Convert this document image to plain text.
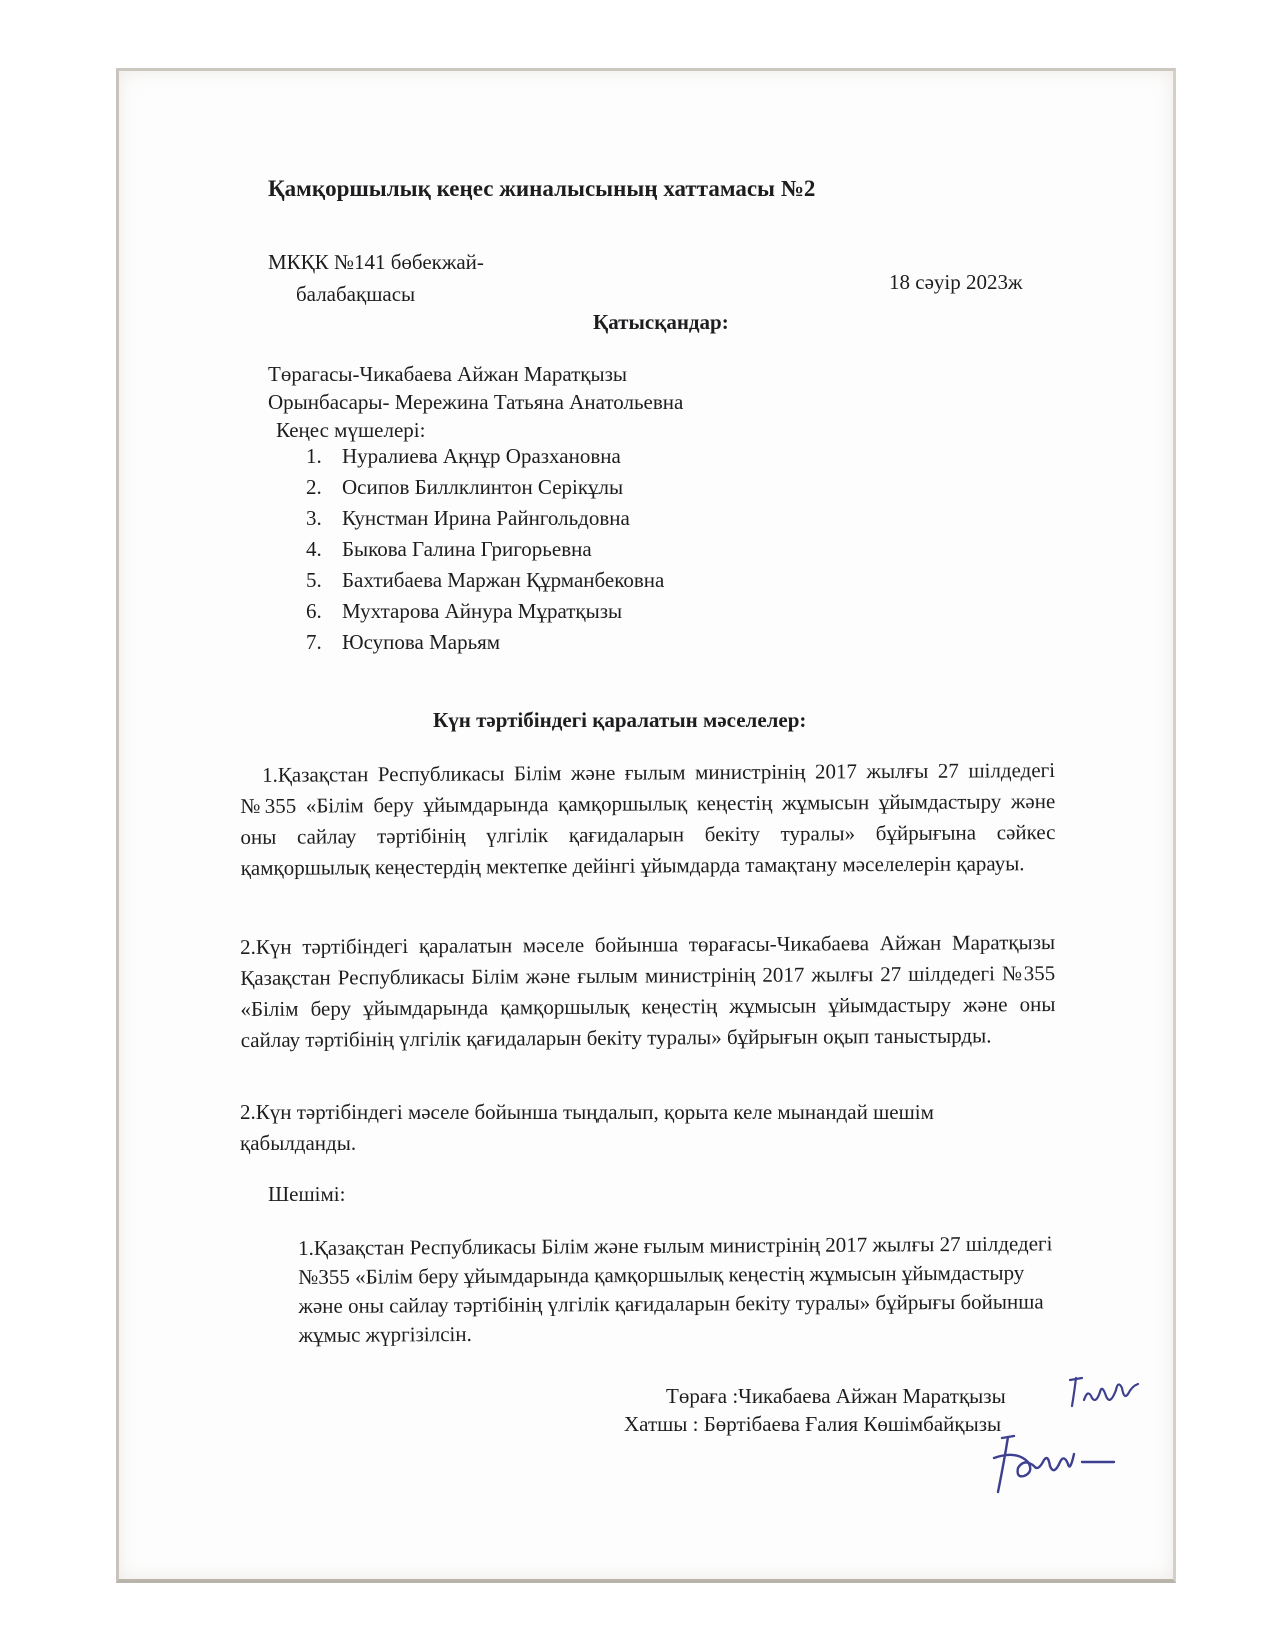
Қамқоршылық кеңес жиналысының хаттамасы №2
МКҚК №141 бөбекжай-
балабақшасы	18 сәуір 2023ж
Қатысқандар:
Төрагасы-Чикабаева Айжан Маратқызы
Орынбасары- Мережина Татьяна Анатольевна
Кеңес мүшелері:
1. Нуралиева Ақнұр Оразхановна
2. Осипов Биллклинтон Серікұлы
3. Кунстман Ирина Райнгольдовна
4. Быкова Галина Григорьевна
5. Бахтибаева Маржан Құрманбековна
6. Мухтарова Айнура Мұратқызы
7. Юсупова Марьям
Күн тәртібіндегі қаралатын мәселелер:
1.Қазақстан Республикасы Білім және ғылым министрінің 2017 жылғы 27 шілдедегі №355 «Білім беру ұйымдарында қамқоршылық кеңестің жұмысын ұйымдастыру және оны сайлау тәртібінің үлгілік қағидаларын бекіту туралы» бұйрығына сәйкес қамқоршылық кеңестердің мектепке дейінгі ұйымдарда тамақтану мәселелерін қарауы.
2.Күн тәртібіндегі қаралатын мәселе бойынша төрағасы-Чикабаева Айжан Маратқызы Қазақстан Республикасы Білім және ғылым министрінің 2017 жылғы 27 шілдедегі №355 «Білім беру ұйымдарында қамқоршылық кеңестің жұмысын ұйымдастыру және оны сайлау тәртібінің үлгілік қағидаларын бекіту туралы» бұйрығын оқып таныстырды.
2.Күн тәртібіндегі мәселе бойынша тыңдалып, қорыта келе мынандай шешім
қабылданды.
Шешімі:
1.Қазақстан Республикасы Білім және ғылым министрінің 2017 жылғы 27 шілдедегі №355 «Білім беру ұйымдарында қамқоршылық кеңестің жұмысын ұйымдастыру және оны сайлау тәртібінің үлгілік қағидаларын бекіту туралы» бұйрығы бойынша жұмыс жүргізілсін.
Төраға :Чикабаева Айжан Маратқызы
Хатшы : Бөртібаева Ғалия Көшімбайқызы
